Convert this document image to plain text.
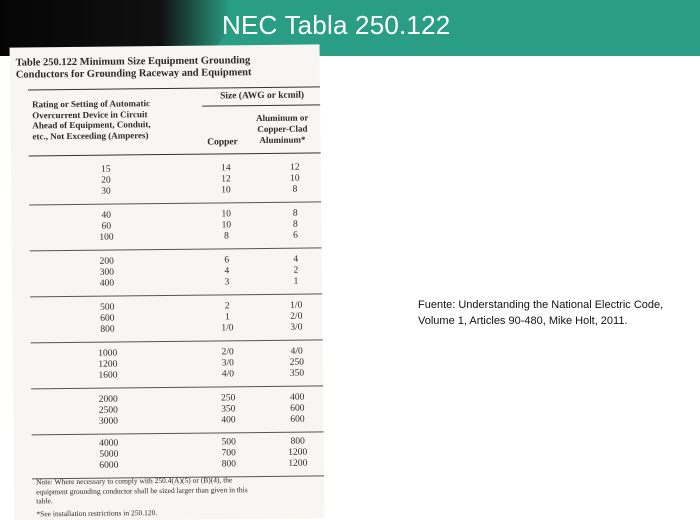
NEC Tabla 250.122
Table 250.122 Minimum Size Equipment Grounding
Conductors for Grounding Raceway and Equipment
Rating or Setting of Automatic
Overcurrent Device in Circuit
Ahead of Equipment, Conduit,
etc., Not Exceeding (Amperes)
Size (AWG or kcmil)
Copper
Aluminum or
Copper-Clad
Aluminum*
15
20
30
14
12
10
12
10
8
40
60
100
10
10
8
8
8
6
200
300
400
6
4
3
4
2
1
500
600
800
2
1
1/0
1/0
2/0
3/0
1000
1200
1600
2/0
3/0
4/0
4/0
250
350
2000
2500
3000
250
350
400
400
600
600
4000
5000
6000
500
700
800
800
1200
1200
Note: Where necessary to comply with 250.4(A)(5) or (B)(4), the
equipment grounding conductor shall be sized larger than given in this
table.
*See installation restrictions in 250.120.
Fuente: Understanding the National Electric Code,
Volume 1, Articles 90-480, Mike Holt, 2011.
